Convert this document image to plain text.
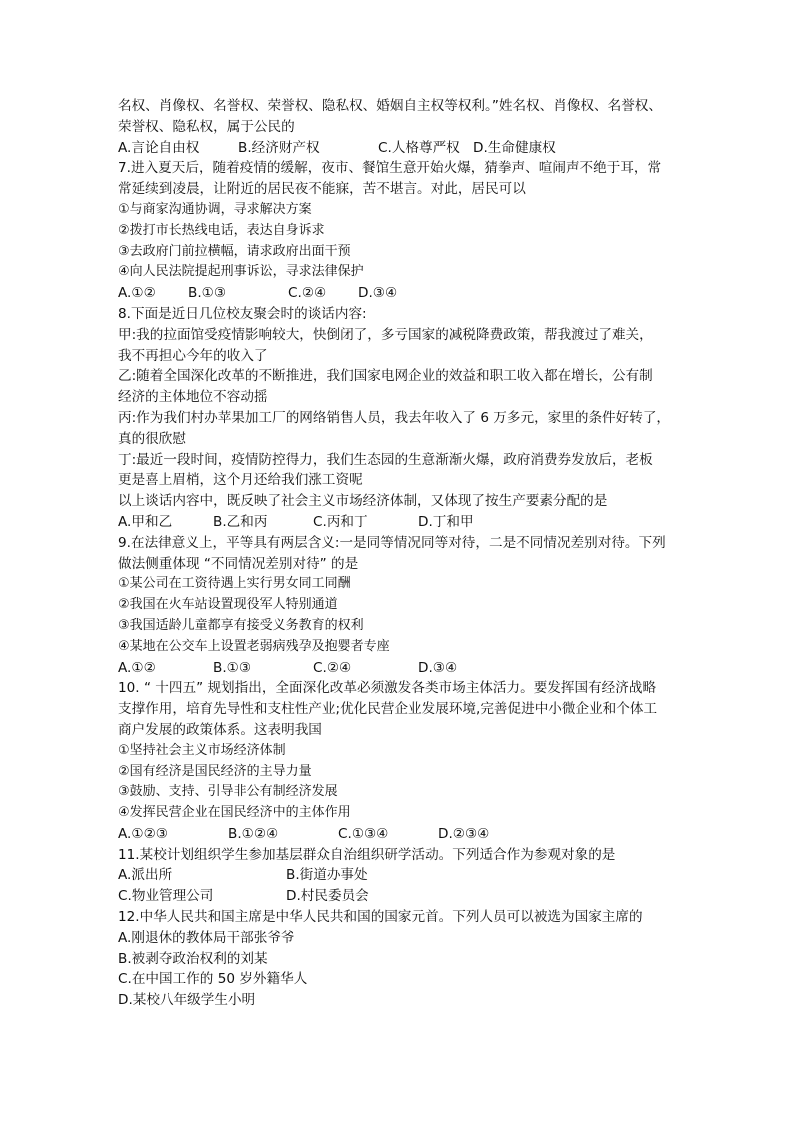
名权、肖像权、名誉权、荣誉权、隐私权、婚姻自主权等权利。”姓名权、肖像权、名誉权、
荣誉权、隐私权，属于公民的
A.言论自由权	B.经济财产权	C.人格尊严权 D.生命健康权
7.进入夏天后，随着疫情的缓解，夜市、餐馆生意开始火爆，猜拳声、喧闹声不绝于耳，常
常延续到凌晨，让附近的居民夜不能寐，苦不堪言。对此，居民可以
①与商家沟通协调，寻求解决方案
②拨打市长热线电话，表达自身诉求
③去政府门前拉横幅，请求政府出面干预
④向人民法院提起刑事诉讼，寻求法律保护
A.①②	B.①③	C.②④	D.③④
8.下面是近日几位校友聚会时的谈话内容:
甲:我的拉面馆受疫情影响较大，快倒闭了，多亏国家的减税降费政策，帮我渡过了难关，
我不再担心今年的收入了
乙:随着全国深化改革的不断推进，我们国家电网企业的效益和职工收入都在增长，公有制
经济的主体地位不容动摇
丙:作为我们村办苹果加工厂的网络销售人员，我去年收入了 6 万多元，家里的条件好转了，
真的很欣慰
丁:最近一段时间，疫情防控得力，我们生态园的生意渐渐火爆，政府消费券发放后，老板
更是喜上眉梢，这个月还给我们涨工资呢
以上谈话内容中，既反映了社会主义市场经济体制，又体现了按生产要素分配的是
A.甲和乙	B.乙和丙	C.丙和丁	D.丁和甲
9.在法律意义上，平等具有两层含义:一是同等情况同等对待，二是不同情况差别对待。下列
做法侧重体现 “不同情况差别对待” 的是
①某公司在工资待遇上实行男女同工同酬
②我国在火车站设置现役军人特别通道
③我国适龄儿童都享有接受义务教育的权利
④某地在公交车上设置老弱病残孕及抱婴者专座
A.①②	B.①③	C.②④	D.③④
10. “ 十四五” 规划指出，全面深化改革必须激发各类市场主体活力。要发挥国有经济战略
支撑作用，培育先导性和支柱性产业;优化民营企业发展环境,完善促进中小微企业和个体工
商户发展的政策体系。这表明我国
①坚持社会主义市场经济体制
②国有经济是国民经济的主导力量
③鼓励、支持、引导非公有制经济发展
④发挥民营企业在国民经济中的主体作用
A.①②③	B.①②④	C.①③④	D.②③④
11.某校计划组织学生参加基层群众自治组织研学活动。下列适合作为参观对象的是
A.派出所	B.街道办事处
C.物业管理公司	D.村民委员会
12.中华人民共和国主席是中华人民共和国的国家元首。下列人员可以被选为国家主席的
A.刚退休的教体局干部张爷爷
B.被剥夺政治权利的刘某
C.在中国工作的 50 岁外籍华人
D.某校八年级学生小明
